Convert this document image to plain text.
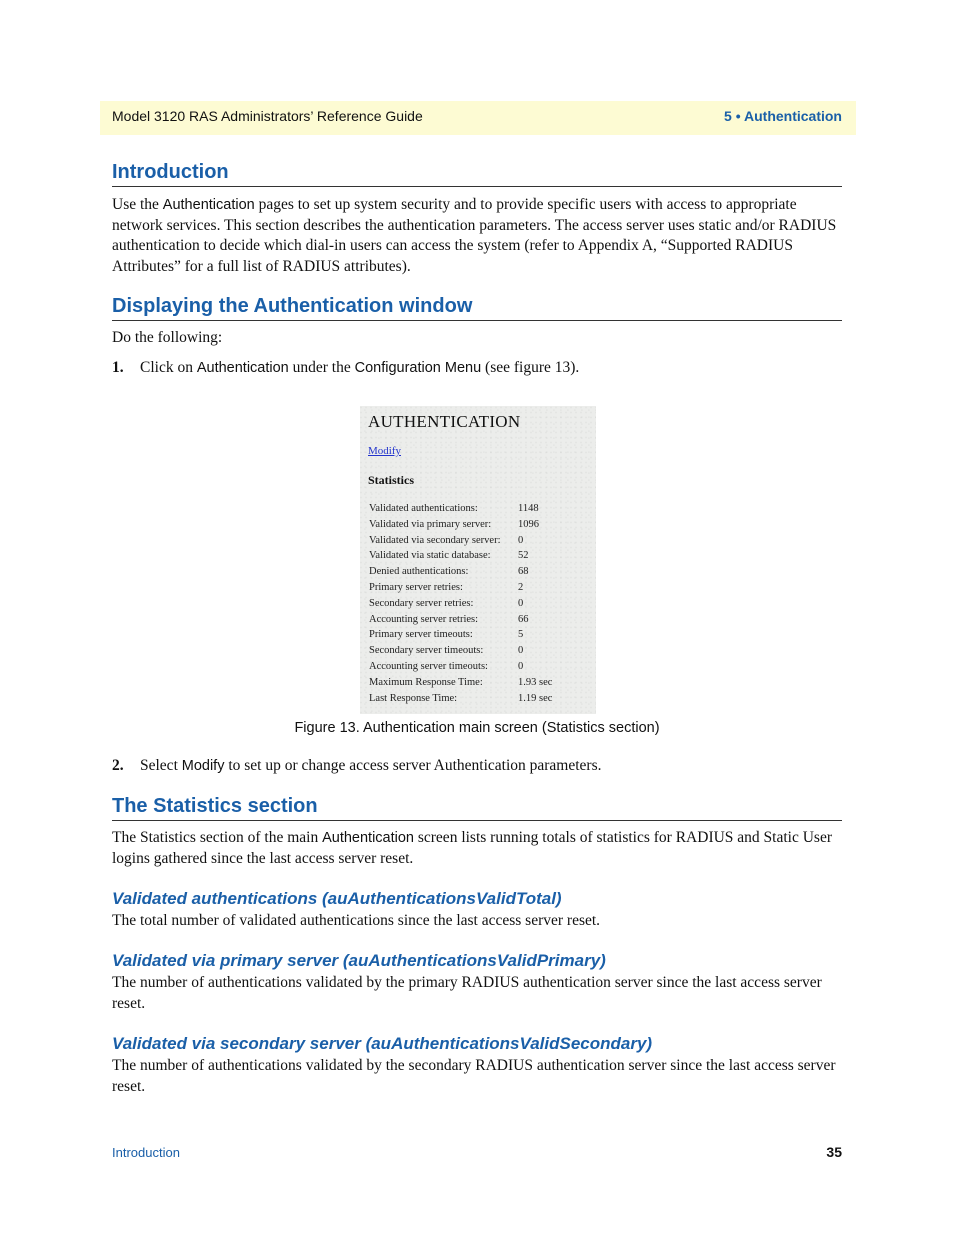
Model 3120 RAS Administrators’ Reference Guide	5 • Authentication
Introduction
Use the Authentication pages to set up system security and to provide specific users with access to appropriate network services. This section describes the authentication parameters. The access server uses static and/or RADIUS authentication to decide which dial-in users can access the system (refer to Appendix A, “Supported RADIUS Attributes” for a full list of RADIUS attributes).
Displaying the Authentication window
Do the following:
1. Click on Authentication under the Configuration Menu (see figure 13).
AUTHENTICATION
Modify
Statistics
Validated authentications:	1148
Validated via primary server:	1096
Validated via secondary server: 0
Validated via static database:	52
Denied authentications:	68
Primary server retries:	2
Secondary server retries:	0
Accounting server retries:	66
Primary server timeouts:	5
Secondary server timeouts:	0
Accounting server timeouts:	0
Maximum Response Time:	1.93 sec
Last Response Time:	1.19 sec
Figure 13. Authentication main screen (Statistics section)
2. Select Modify to set up or change access server Authentication parameters.
The Statistics section
The Statistics section of the main Authentication screen lists running totals of statistics for RADIUS and Static User logins gathered since the last access server reset.
Validated authentications (auAuthenticationsValidTotal)
The total number of validated authentications since the last access server reset.
Validated via primary server (auAuthenticationsValidPrimary)
The number of authentications validated by the primary RADIUS authentication server since the last access server reset.
Validated via secondary server (auAuthenticationsValidSecondary)
The number of authentications validated by the secondary RADIUS authentication server since the last access server reset.
Introduction	35
